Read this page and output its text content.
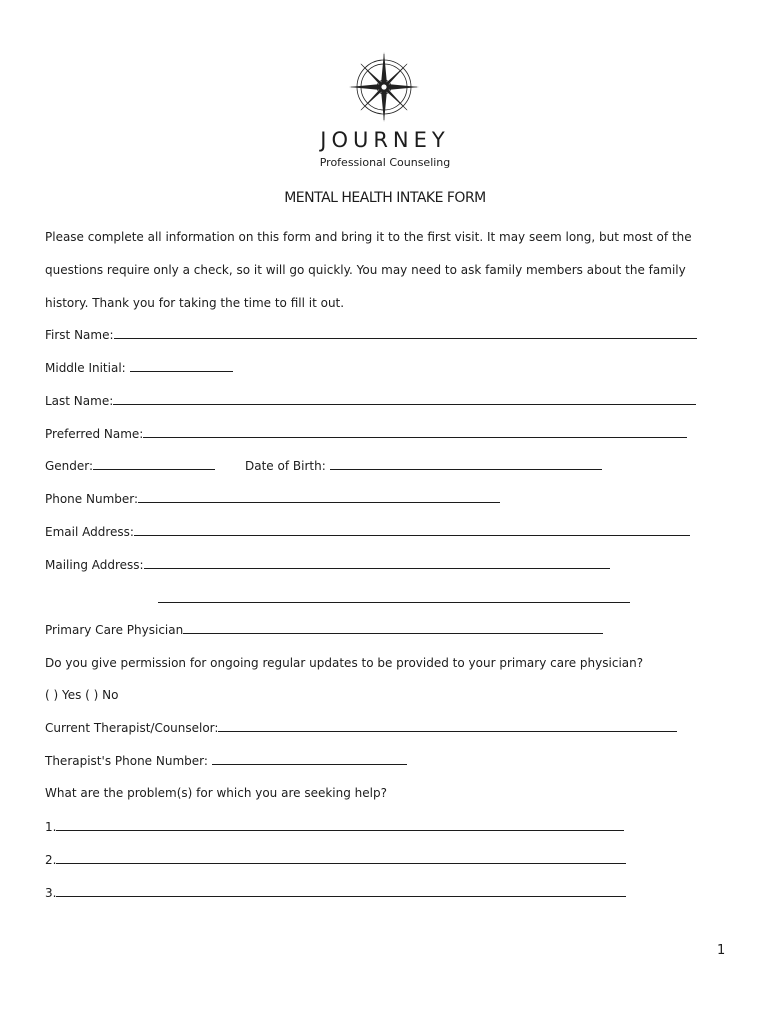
JOURNEY
Professional Counseling
MENTAL HEALTH INTAKE FORM
Please complete all information on this form and bring it to the first visit. It may seem long, but most of the
questions require only a check, so it will go quickly. You may need to ask family members about the family
history. Thank you for taking the time to fill it out.
First Name:
Middle Initial:
Last Name:
Preferred Name:
Gender:	Date of Birth:
Phone Number:
Email Address:
Mailing Address:
Primary Care Physician
Do you give permission for ongoing regular updates to be provided to your primary care physician?
( ) Yes ( ) No
Current Therapist/Counselor:
Therapist's Phone Number:
What are the problem(s) for which you are seeking help?
1.
2.
3.
1
